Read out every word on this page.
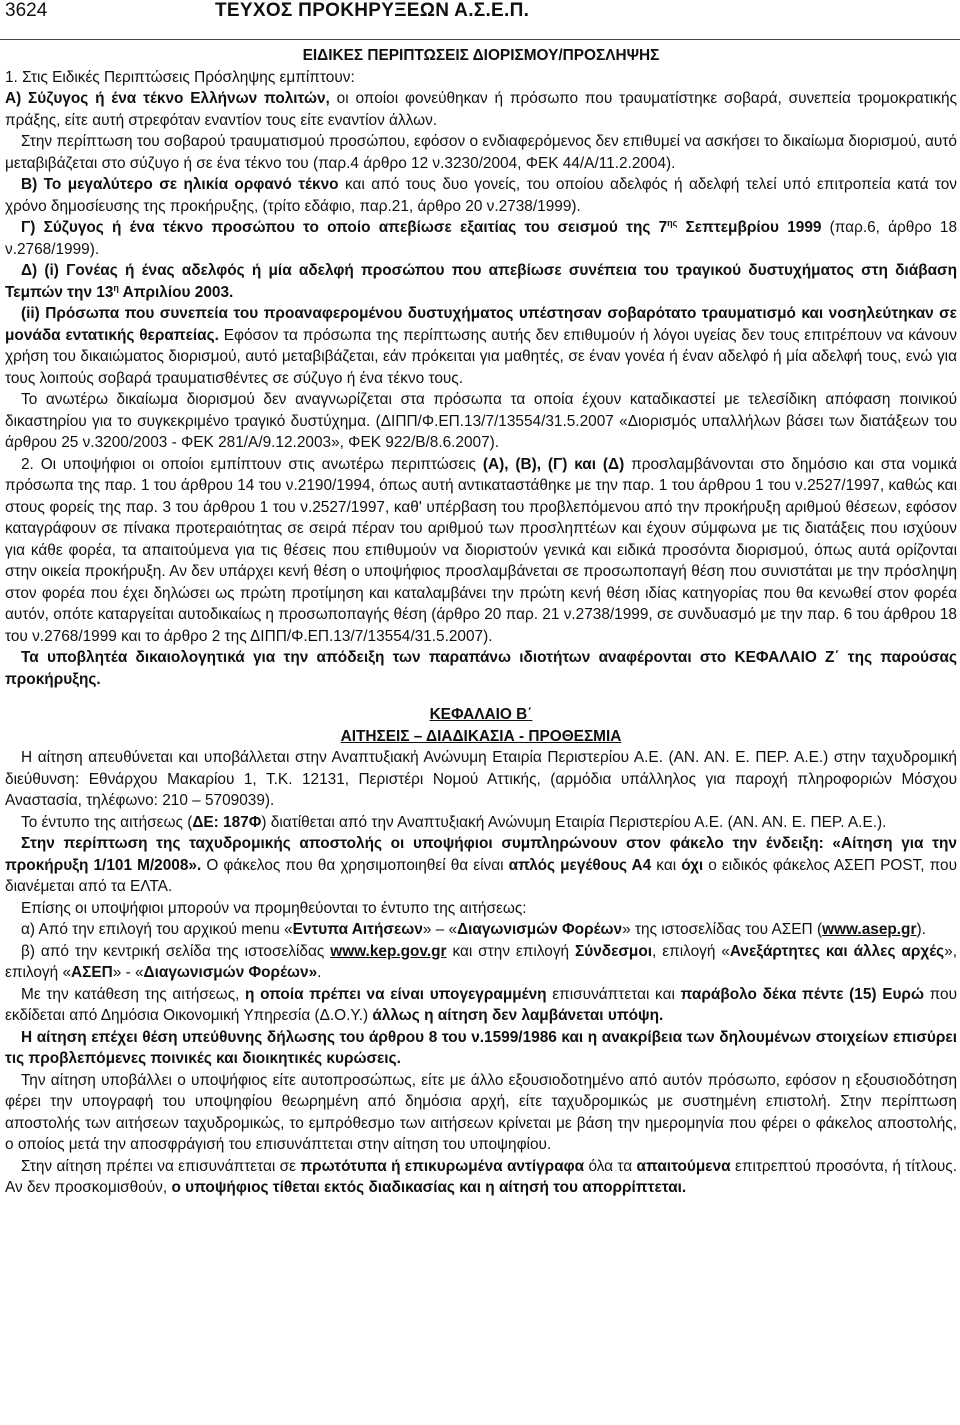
3624	ΤΕΥΧΟΣ ΠΡΟΚΗΡΥΞΕΩΝ Α.Σ.Ε.Π.

ΕΙΔΙΚΕΣ ΠΕΡΙΠΤΩΣΕΙΣ ΔΙΟΡΙΣΜΟΥ/ΠΡΟΣΛΗΨΗΣ

1. Στις Ειδικές Περιπτώσεις Πρόσληψης εμπίπτουν:

Α) Σύζυγος ή ένα τέκνο Ελλήνων πολιτών, οι οποίοι φονεύθηκαν ή πρόσωπο που τραυματίστηκε σοβαρά, συνεπεία τρομοκρατικής πράξης, είτε αυτή στρεφόταν εναντίον τους είτε εναντίον άλλων.

Στην περίπτωση του σοβαρού τραυματισμού προσώπου, εφόσον ο ενδιαφερόμενος δεν επιθυμεί να ασκήσει το δικαίωμα διορισμού, αυτό μεταβιβάζεται στο σύζυγο ή σε ένα τέκνο του (παρ.4 άρθρο 12 ν.3230/2004, ΦΕΚ 44/Α/11.2.2004).

Β) Το μεγαλύτερο σε ηλικία ορφανό τέκνο και από τους δυο γονείς, του οποίου αδελφός ή αδελφή τελεί υπό επιτροπεία κατά τον χρόνο δημοσίευσης της προκήρυξης, (τρίτο εδάφιο, παρ.21, άρθρο 20 ν.2738/1999).

Γ) Σύζυγος ή ένα τέκνο προσώπου το οποίο απεβίωσε εξαιτίας του σεισμού της $7^{\eta\varsigma}$ Σεπτεμβρίου 1999 (παρ.6, άρθρο 18 ν.2768/1999).

Δ) (i) Γονέας ή ένας αδελφός ή μία αδελφή προσώπου που απεβίωσε συνέπεια του τραγικού δυστυχήματος στη διάβαση Τεμπών την $13^\eta$ Απριλίου 2003.

(ii) Πρόσωπα που συνεπεία του προαναφερομένου δυστυχήματος υπέστησαν σοβαρότατο τραυματισμό και νοσηλεύτηκαν σε μονάδα εντατικής θεραπείας. Εφόσον τα πρόσωπα της περίπτωσης αυτής δεν επιθυμούν ή λόγοι υγείας δεν τους επιτρέπουν να κάνουν χρήση του δικαιώματος διορισμού, αυτό μεταβιβάζεται, εάν πρόκειται για μαθητές, σε έναν γονέα ή έναν αδελφό ή μία αδελφή τους, ενώ για τους λοιπούς σοβαρά τραυματισθέντες σε σύζυγο ή ένα τέκνο τους.

Το ανωτέρω δικαίωμα διορισμού δεν αναγνωρίζεται στα πρόσωπα τα οποία έχουν καταδικαστεί με τελεσίδικη απόφαση ποινικού δικαστηρίου για το συγκεκριμένο τραγικό δυστύχημα. (ΔΙΠΠ/Φ.ΕΠ.13/7/13554/31.5.2007 «Διορισμός υπαλλήλων βάσει των διατάξεων του άρθρου 25 ν.3200/2003 - ΦΕΚ 281/Α/9.12.2003», ΦΕΚ 922/Β/8.6.2007).

2. Οι υποψήφιοι οι οποίοι εμπίπτουν στις ανωτέρω περιπτώσεις (Α), (Β), (Γ) και (Δ) προσλαμβάνονται στο δημόσιο και στα νομικά πρόσωπα της παρ. 1 του άρθρου 14 του ν.2190/1994, όπως αυτή αντικαταστάθηκε με την παρ. 1 του άρθρου 1 του ν.2527/1997, καθώς και στους φορείς της παρ. 3 του άρθρου 1 του ν.2527/1997, καθ' υπέρβαση του προβλεπόμενου από την προκήρυξη αριθμού θέσεων, εφόσον καταγράφουν σε πίνακα προτεραιότητας σε σειρά πέραν του αριθμού των προσληπτέων και έχουν σύμφωνα με τις διατάξεις που ισχύουν για κάθε φορέα, τα απαιτούμενα για τις θέσεις που επιθυμούν να διοριστούν γενικά και ειδικά προσόντα διορισμού, όπως αυτά ορίζονται στην οικεία προκήρυξη. Αν δεν υπάρχει κενή θέση ο υποψήφιος προσλαμβάνεται σε προσωποπαγή θέση που συνιστάται με την πρόσληψη στον φορέα που έχει δηλώσει ως πρώτη προτίμηση και καταλαμβάνει την πρώτη κενή θέση ιδίας κατηγορίας που θα κενωθεί στον φορέα αυτόν, οπότε καταργείται αυτοδικαίως η προσωποπαγής θέση (άρθρο 20 παρ. 21 ν.2738/1999, σε συνδυασμό με την παρ. 6 του άρθρου 18 του ν.2768/1999 και το άρθρο 2 της ΔΙΠΠ/Φ.ΕΠ.13/7/13554/31.5.2007).

Τα υποβλητέα δικαιολογητικά για την απόδειξη των παραπάνω ιδιοτήτων αναφέρονται στο ΚΕΦΑΛΑΙΟ Ζ΄ της παρούσας προκήρυξης.

ΚΕΦΑΛΑΙΟ Β΄

ΑΙΤΗΣΕΙΣ – ΔΙΑΔΙΚΑΣΙΑ - ΠΡΟΘΕΣΜΙΑ

Η αίτηση απευθύνεται και υποβάλλεται στην Αναπτυξιακή Ανώνυμη Εταιρία Περιστερίου Α.Ε. (ΑΝ. ΑΝ. Ε. ΠΕΡ. Α.Ε.) στην ταχυδρομική διεύθυνση: Εθνάρχου Μακαρίου 1, Τ.Κ. 12131, Περιστέρι Νομού Αττικής, (αρμόδια υπάλληλος για παροχή πληροφοριών Μόσχου Αναστασία, τηλέφωνο: 210 – 5709039).

Το έντυπο της αιτήσεως (ΔΕ: 187Φ) διατίθεται από την Αναπτυξιακή Ανώνυμη Εταιρία Περιστερίου Α.Ε. (ΑΝ. ΑΝ. Ε. ΠΕΡ. Α.Ε.).

Στην περίπτωση της ταχυδρομικής αποστολής οι υποψήφιοι συμπληρώνουν στον φάκελο την ένδειξη: «Αίτηση για την προκήρυξη 1/101 Μ/2008». Ο φάκελος που θα χρησιμοποιηθεί θα είναι απλός μεγέθους Α4 και όχι ο ειδικός φάκελος ΑΣΕΠ POST, που διανέμεται από τα ΕΛΤΑ.

Επίσης οι υποψήφιοι μπορούν να προμηθεύονται το έντυπο της αιτήσεως:

α) Από την επιλογή του αρχικού menu «Εντυπα Αιτήσεων» – «Διαγωνισμών Φορέων» της ιστοσελίδας του ΑΣΕΠ (www.asep.gr).

β) από την κεντρική σελίδα της ιστοσελίδας www.kep.gov.gr και στην επιλογή Σύνδεσμοι, επιλογή «Ανεξάρτητες και άλλες αρχές», επιλογή «ΑΣΕΠ» - «Διαγωνισμών Φορέων».

Με την κατάθεση της αιτήσεως, η οποία πρέπει να είναι υπογεγραμμένη επισυνάπτεται και παράβολο δέκα πέντε (15) Ευρώ που εκδίδεται από Δημόσια Οικονομική Υπηρεσία (Δ.Ο.Υ.) άλλως η αίτηση δεν λαμβάνεται υπόψη.

Η αίτηση επέχει θέση υπεύθυνης δήλωσης του άρθρου 8 του ν.1599/1986 και η ανακρίβεια των δηλουμένων στοιχείων επισύρει τις προβλεπόμενες ποινικές και διοικητικές κυρώσεις.

Την αίτηση υποβάλλει ο υποψήφιος είτε αυτοπροσώπως, είτε με άλλο εξουσιοδοτημένο από αυτόν πρόσωπο, εφόσον η εξουσιοδότηση φέρει την υπογραφή του υποψηφίου θεωρημένη από δημόσια αρχή, είτε ταχυδρομικώς με συστημένη επιστολή. Στην περίπτωση αποστολής των αιτήσεων ταχυδρομικώς, το εμπρόθεσμο των αιτήσεων κρίνεται με βάση την ημερομηνία που φέρει ο φάκελος αποστολής, ο οποίος μετά την αποσφράγισή του επισυνάπτεται στην αίτηση του υποψηφίου.

Στην αίτηση πρέπει να επισυνάπτεται σε πρωτότυπα ή επικυρωμένα αντίγραφα όλα τα απαιτούμενα επιτρεπτού προσόντα, ή τίτλους. Αν δεν προσκομισθούν, ο υποψήφιος τίθεται εκτός διαδικασίας και η αίτησή του απορρίπτεται.
